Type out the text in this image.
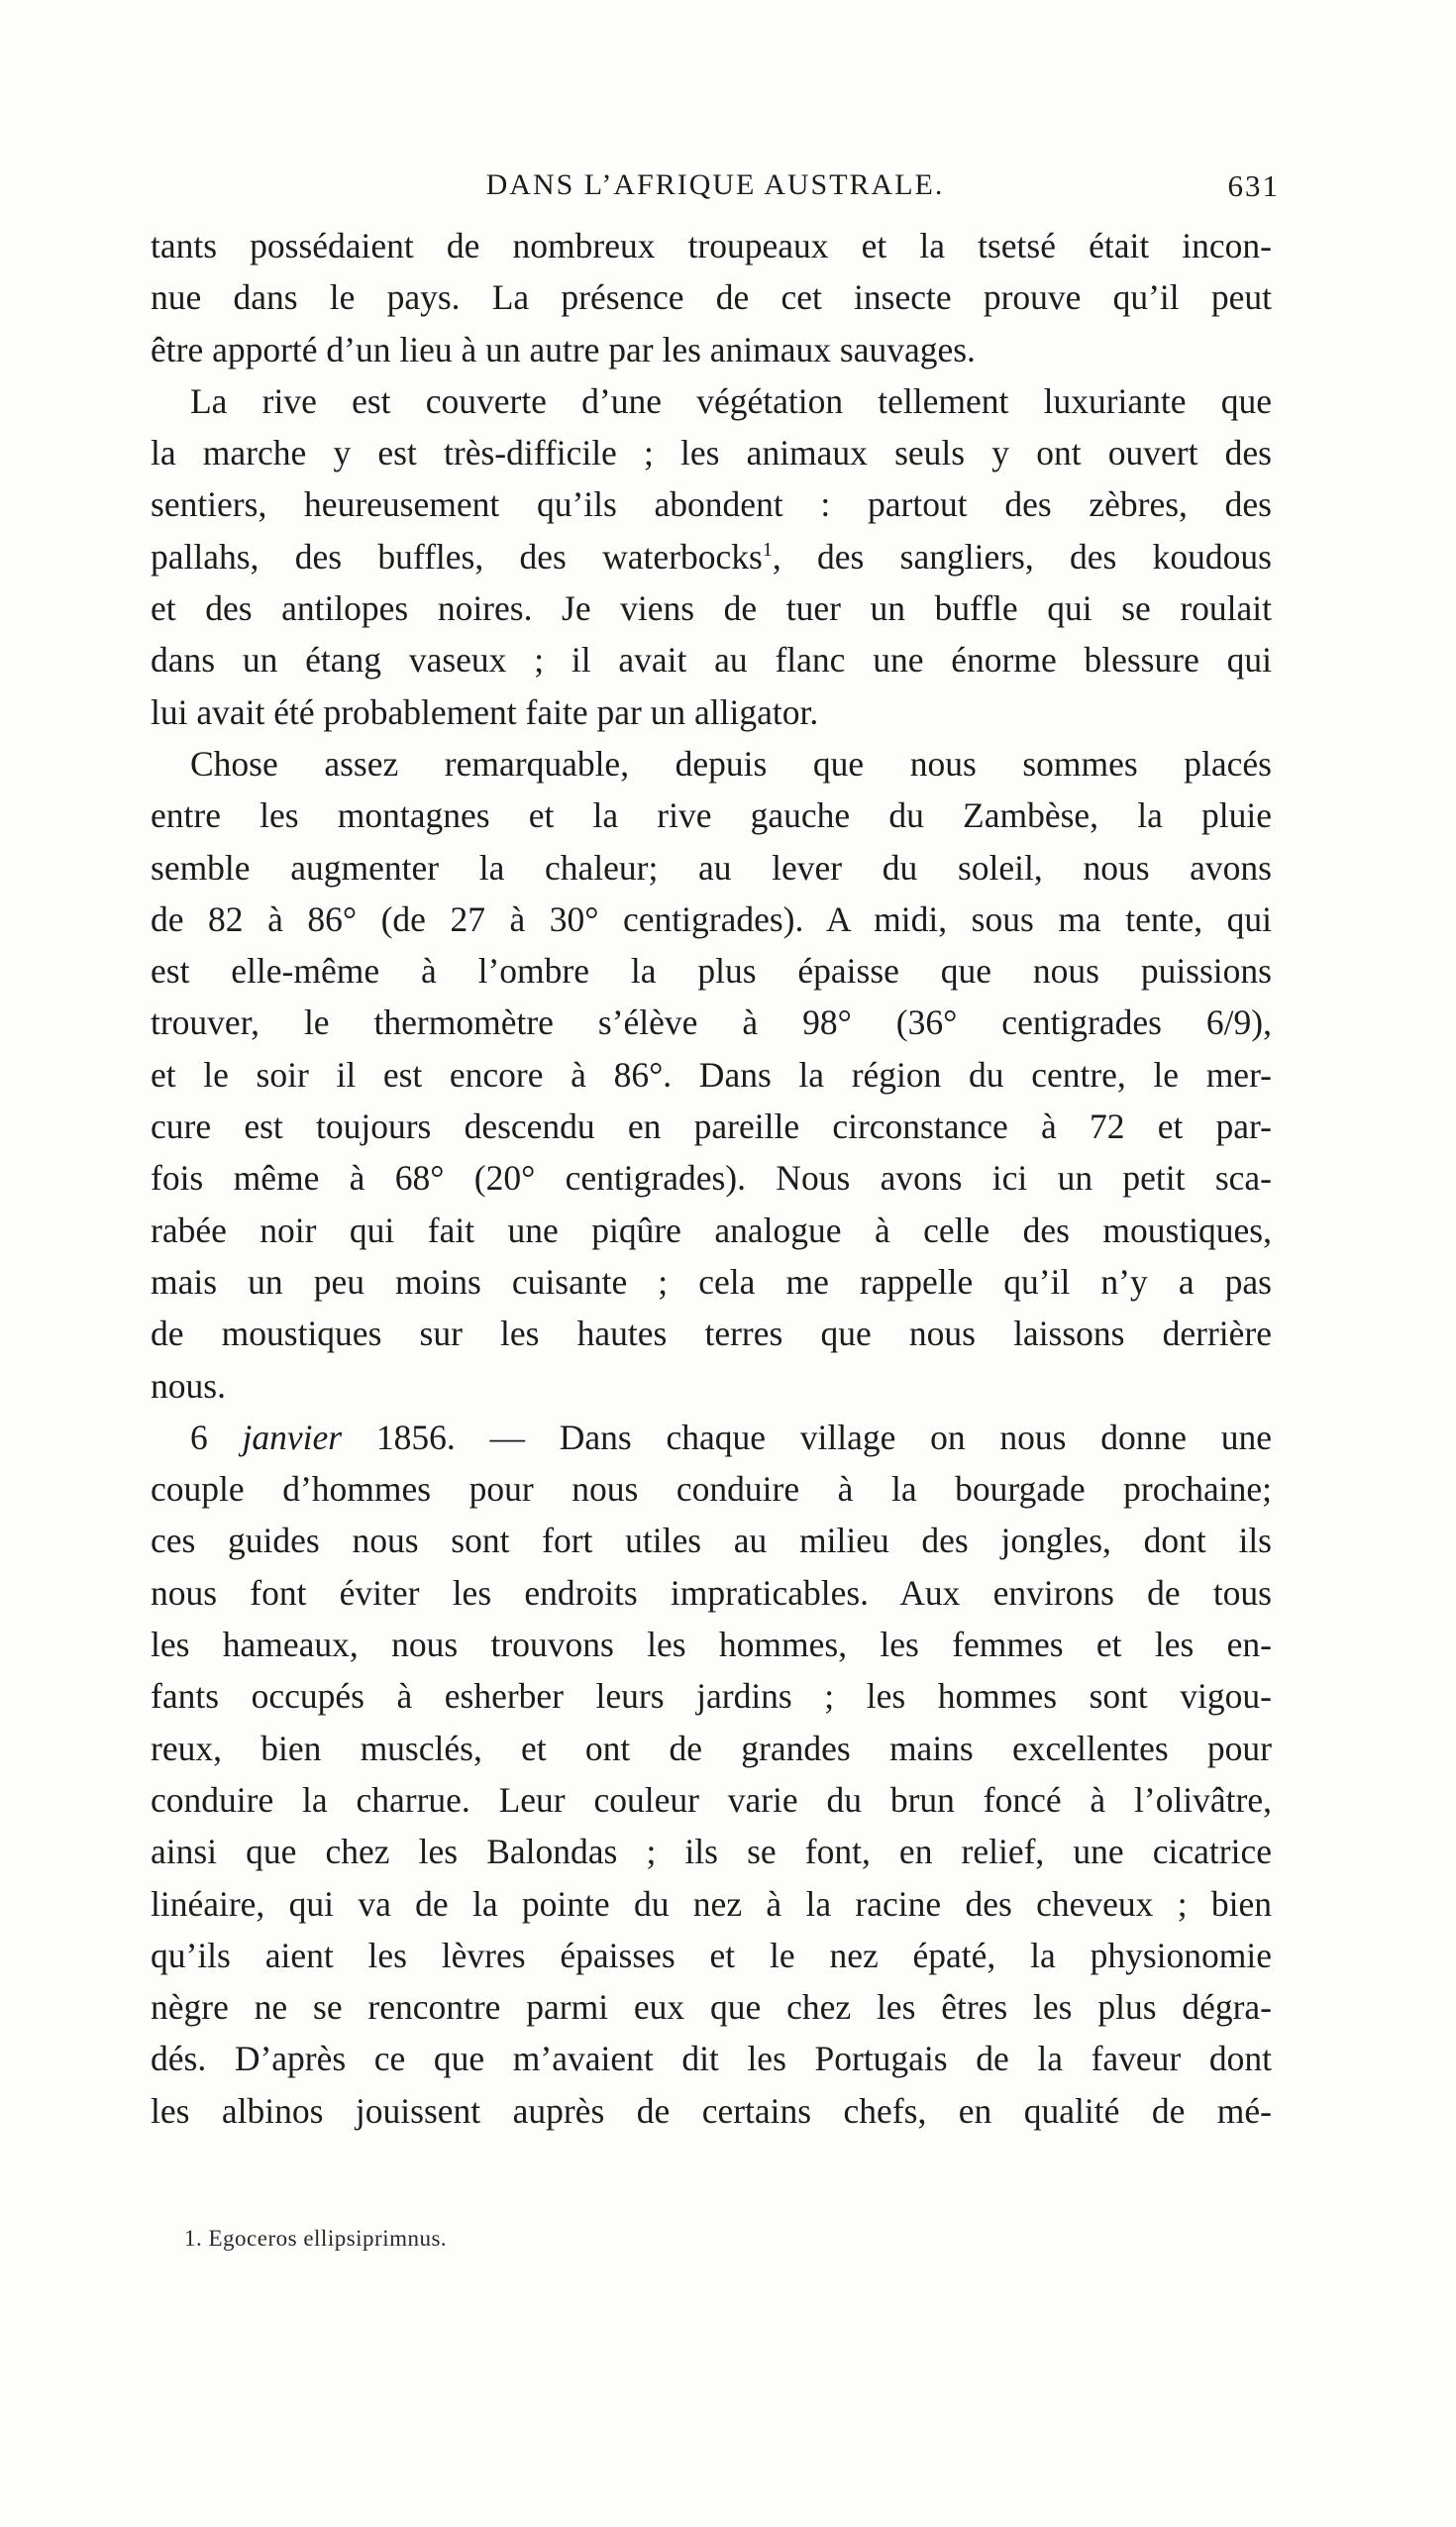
DANS L’AFRIQUE AUSTRALE.	631
tants possédaient de nombreux troupeaux et la tsetsé était incon-
nue dans le pays. La présence de cet insecte prouve qu’il peut
être apporté d’un lieu à un autre par les animaux sauvages.
La rive est couverte d’une végétation tellement luxuriante que
la marche y est très-difficile ; les animaux seuls y ont ouvert des
sentiers, heureusement qu’ils abondent : partout des zèbres, des
pallahs, des buffles, des waterbocks$^1$, des sangliers, des koudous
et des antilopes noires. Je viens de tuer un buffle qui se roulait
dans un étang vaseux ; il avait au flanc une énorme blessure qui
lui avait été probablement faite par un alligator.
Chose assez remarquable, depuis que nous sommes placés
entre les montagnes et la rive gauche du Zambèse, la pluie
semble augmenter la chaleur; au lever du soleil, nous avons
de 82 à 86° (de 27 à 30° centigrades). A midi, sous ma tente, qui
est elle-même à l’ombre la plus épaisse que nous puissions
trouver, le thermomètre s’élève à 98° (36° centigrades 6/9),
et le soir il est encore à 86°. Dans la région du centre, le mer-
cure est toujours descendu en pareille circonstance à 72 et par-
fois même à 68° (20° centigrades). Nous avons ici un petit sca-
rabée noir qui fait une piqûre analogue à celle des moustiques,
mais un peu moins cuisante ; cela me rappelle qu’il n’y a pas
de moustiques sur les hautes terres que nous laissons derrière
nous.
6 janvier 1856. — Dans chaque village on nous donne une
couple d’hommes pour nous conduire à la bourgade prochaine;
ces guides nous sont fort utiles au milieu des jongles, dont ils
nous font éviter les endroits impraticables. Aux environs de tous
les hameaux, nous trouvons les hommes, les femmes et les en-
fants occupés à esherber leurs jardins ; les hommes sont vigou-
reux, bien musclés, et ont de grandes mains excellentes pour
conduire la charrue. Leur couleur varie du brun foncé à l’olivâtre,
ainsi que chez les Balondas ; ils se font, en relief, une cicatrice
linéaire, qui va de la pointe du nez à la racine des cheveux ; bien
qu’ils aient les lèvres épaisses et le nez épaté, la physionomie
nègre ne se rencontre parmi eux que chez les êtres les plus dégra-
dés. D’après ce que m’avaient dit les Portugais de la faveur dont
les albinos jouissent auprès de certains chefs, en qualité de mé-
1. Egoceros ellipsiprimnus.
